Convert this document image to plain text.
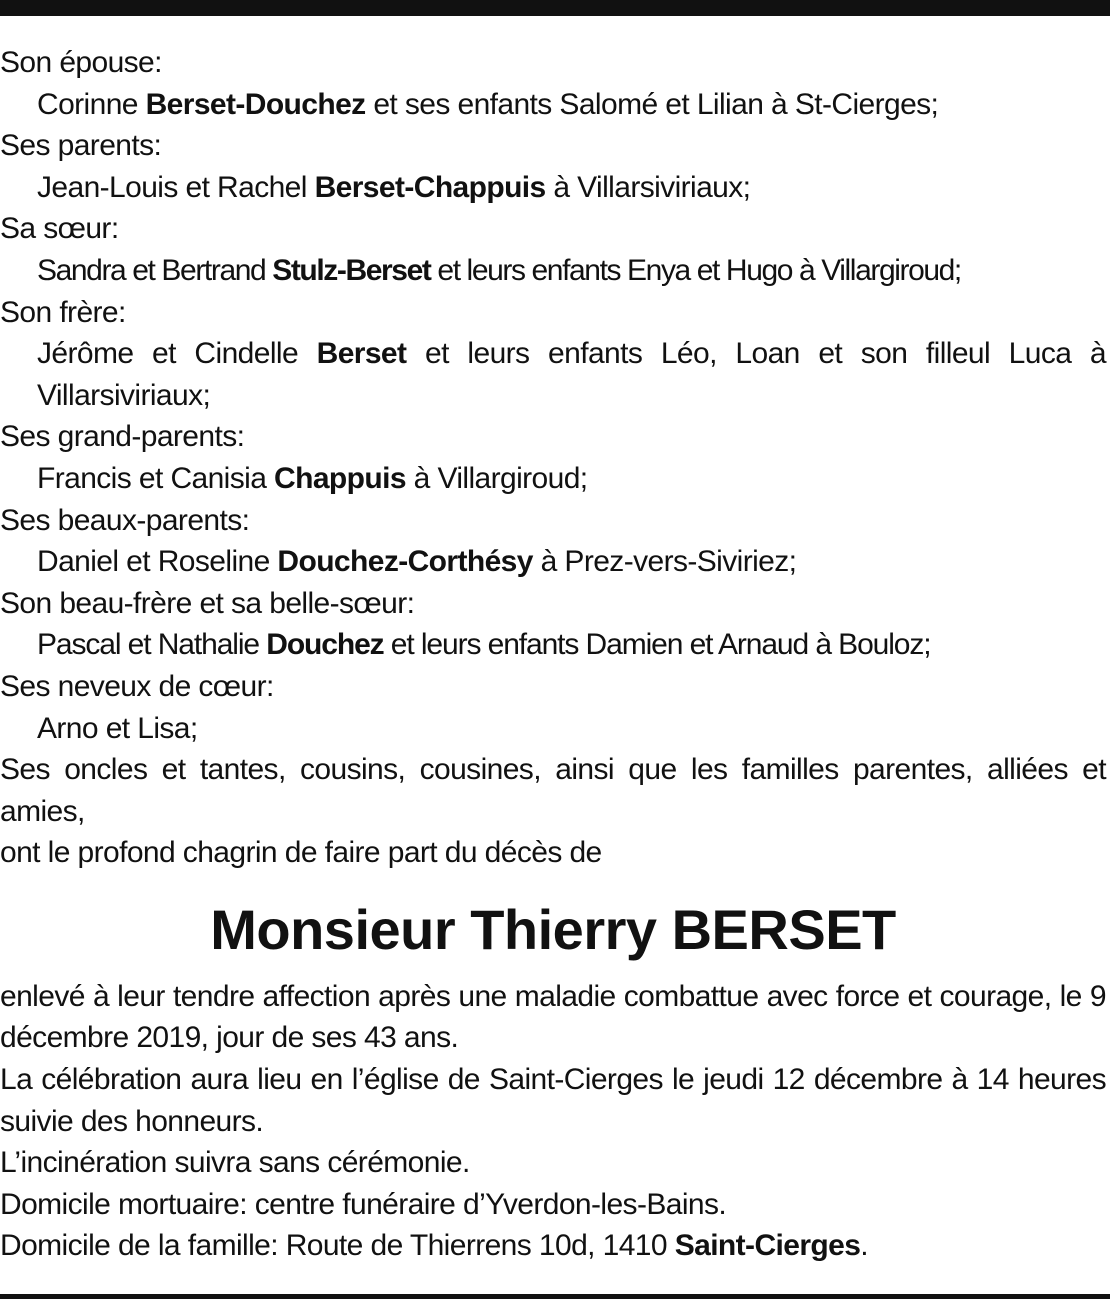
Son épouse:
Corinne Berset-Douchez et ses enfants Salomé et Lilian à St-Cierges;
Ses parents:
Jean-Louis et Rachel Berset-Chappuis à Villarsiviriaux;
Sa sœur:
Sandra et Bertrand Stulz-Berset et leurs enfants Enya et Hugo à Villargiroud;
Son frère:
Jérôme et Cindelle Berset et leurs enfants Léo, Loan et son filleul Luca à Villarsiviriaux;
Ses grand-parents:
Francis et Canisia Chappuis à Villargiroud;
Ses beaux-parents:
Daniel et Roseline Douchez-Corthésy à Prez-vers-Siviriez;
Son beau-frère et sa belle-sœur:
Pascal et Nathalie Douchez et leurs enfants Damien et Arnaud à Bouloz;
Ses neveux de cœur:
Arno et Lisa;
Ses oncles et tantes, cousins, cousines, ainsi que les familles parentes, alliées et amies,
ont le profond chagrin de faire part du décès de
Monsieur Thierry BERSET
enlevé à leur tendre affection après une maladie combattue avec force et courage, le 9 décembre 2019, jour de ses 43 ans.
La célébration aura lieu en l’église de Saint-Cierges le jeudi 12 décembre à 14 heures suivie des honneurs.
L’incinération suivra sans cérémonie.
Domicile mortuaire: centre funéraire d’Yverdon-les-Bains.
Domicile de la famille: Route de Thierrens 10d, 1410 Saint-Cierges.
